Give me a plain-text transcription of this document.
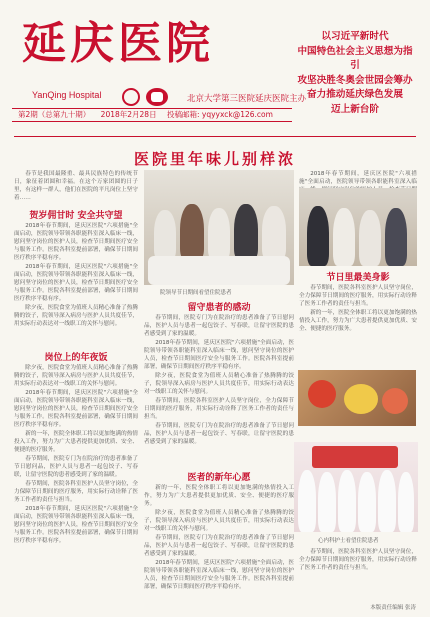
延庆医院
YanQing Hospital	北京大学第三医院延庆医院主办
第2期（总第九十期） 2018年2月28日 投稿邮箱: yqyyxck@126.com
以习近平新时代
中国特色社会主义思想为指引
攻坚决胜冬奥会世园会筹办
奋力推动延庆绿色发展
迈上新台阶
医院里年味儿别样浓

春节是我国最隆重、最具民族特色的传统节日，象征着团圆和幸福。在这个万家团圆的日子里，有这样一群人，他们在医院的平凡岗位上坚守着……

贺岁佣甘时 安全共守望

2018年春节期间，延庆区医院"六项措施"全面启动，医院领导带领各职能科室深入临床一线，慰问坚守岗位的医护人员，检查节日期间医疗安全与服务工作。医院各科室提前部署，确保节日期间医疗秩序平稳有序。

2018年春节期间，延庆区医院"六项措施"全面启动，医院领导带领各职能科室深入临床一线，慰问坚守岗位的医护人员，检查节日期间医疗安全与服务工作。医院各科室提前部署，确保节日期间医疗秩序平稳有序。

除夕夜，医院食堂为值班人员精心准备了热腾腾的饺子，院领导深入病房与医护人员共度佳节，用实际行动表达对一线职工的关怀与慰问。

岗位上的年夜饭

除夕夜，医院食堂为值班人员精心准备了热腾腾的饺子，院领导深入病房与医护人员共度佳节，用实际行动表达对一线职工的关怀与慰问。

2018年春节期间，延庆区医院"六项措施"全面启动，医院领导带领各职能科室深入临床一线，慰问坚守岗位的医护人员，检查节日期间医疗安全与服务工作。医院各科室提前部署，确保节日期间医疗秩序平稳有序。

新的一年，医院全体职工将以更加饱满的热情投入工作，努力为广大患者提供更加优质、安全、便捷的医疗服务。

春节期间，医院专门为在院治疗的患者准备了节日慰问品，医护人员与患者一起包饺子、写春联，让留守医院的患者感受到了家的温暖。

春节期间，医院各科室医护人员坚守岗位，全力保障节日期间的医疗服务，用实际行动诠释了医务工作者的责任与担当。

2018年春节期间，延庆区医院"六项措施"全面启动，医院领导带领各职能科室深入临床一线，慰问坚守岗位的医护人员，检查节日期间医疗安全与服务工作。医院各科室提前部署，确保节日期间医疗秩序平稳有序。

院领导节日期间看望住院患者
留守患者的感动

春节期间，医院专门为在院治疗的患者准备了节日慰问品，医护人员与患者一起包饺子、写春联，让留守医院的患者感受到了家的温暖。

2018年春节期间，延庆区医院"六项措施"全面启动，医院领导带领各职能科室深入临床一线，慰问坚守岗位的医护人员，检查节日期间医疗安全与服务工作。医院各科室提前部署，确保节日期间医疗秩序平稳有序。

除夕夜，医院食堂为值班人员精心准备了热腾腾的饺子，院领导深入病房与医护人员共度佳节，用实际行动表达对一线职工的关怀与慰问。

春节期间，医院各科室医护人员坚守岗位，全力保障节日期间的医疗服务，用实际行动诠释了医务工作者的责任与担当。

春节期间，医院专门为在院治疗的患者准备了节日慰问品，医护人员与患者一起包饺子、写春联，让留守医院的患者感受到了家的温暖。

医者的新年心愿

新的一年，医院全体职工将以更加饱满的热情投入工作，努力为广大患者提供更加优质、安全、便捷的医疗服务。

除夕夜，医院食堂为值班人员精心准备了热腾腾的饺子，院领导深入病房与医护人员共度佳节，用实际行动表达对一线职工的关怀与慰问。

春节期间，医院专门为在院治疗的患者准备了节日慰问品，医护人员与患者一起包饺子、写春联，让留守医院的患者感受到了家的温暖。

2018年春节期间，延庆区医院"六项措施"全面启动，医院领导带领各职能科室深入临床一线，慰问坚守岗位的医护人员，检查节日期间医疗安全与服务工作。医院各科室提前部署，确保节日期间医疗秩序平稳有序。

2018年春节期间，延庆区医院"六项措施"全面启动，医院领导带领各职能科室深入临

节日里最美身影

春节期间，医院各科室医护人员坚守岗位，全力保障节日期间的医疗服务，用实际行动诠释了医务工作者的责任与担当。

新的一年，医院全体职工将以更加饱满的热情投入工作，努力为广大患者提供更加优质、安全、便捷的医疗服务。

心内科护士看望住院患者

春节期间，医院各科室医护人员坚守岗位，全力保障节日期间的医疗服务，用实际行动诠释了医务工作者的责任与担当。

本版责任编辑 张涛
